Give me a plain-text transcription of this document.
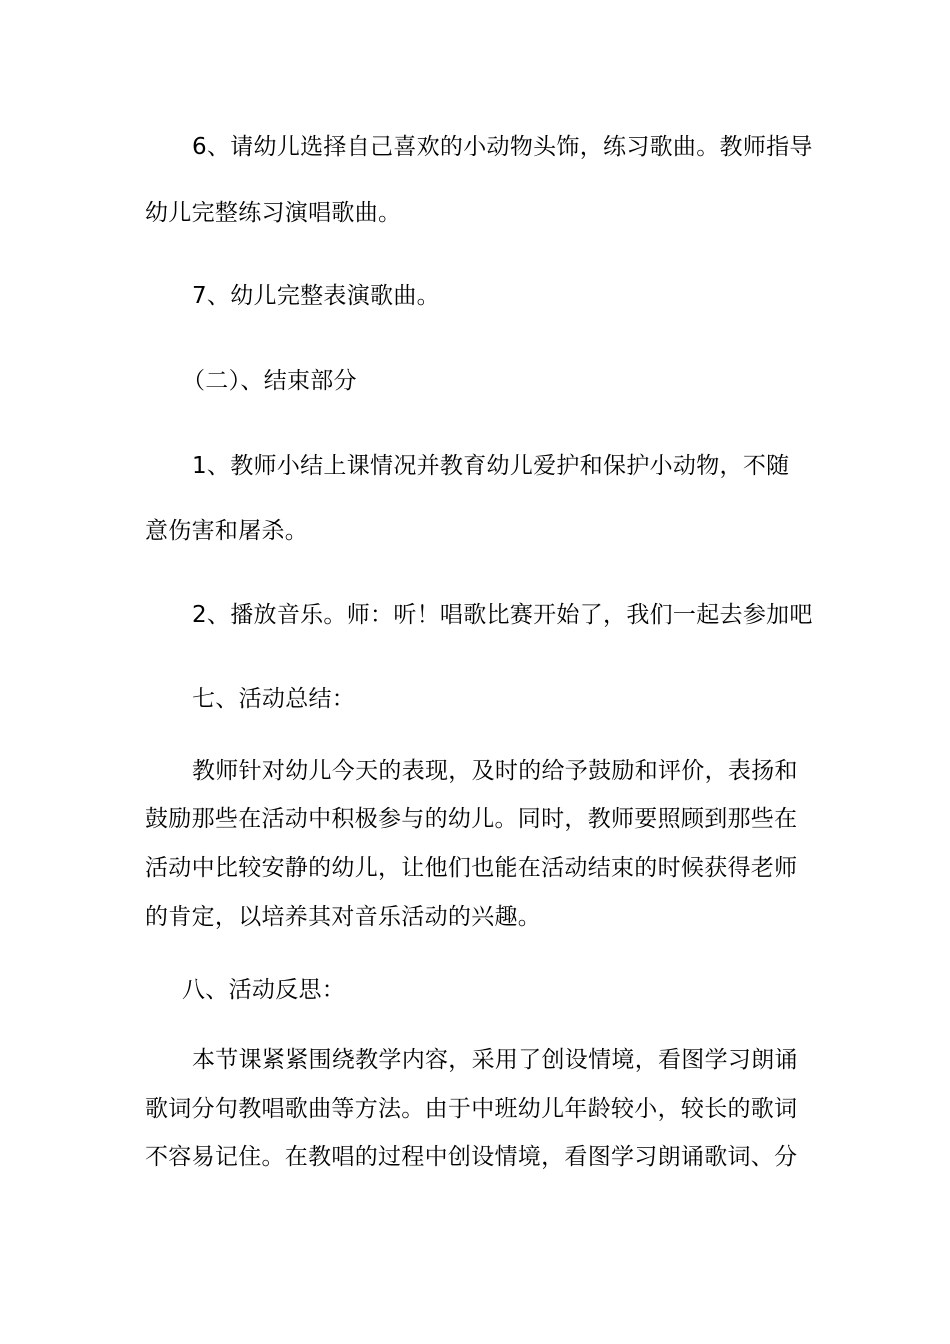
6、请幼儿选择自己喜欢的小动物头饰，练习歌曲。教师指导
幼儿完整练习演唱歌曲。
7、幼儿完整表演歌曲。
（二）、结束部分
1、教师小结上课情况并教育幼儿爱护和保护小动物，不随
意伤害和屠杀。
2、播放音乐。师：听！唱歌比赛开始了，我们一起去参加吧
七、活动总结：
教师针对幼儿今天的表现，及时的给予鼓励和评价，表扬和
鼓励那些在活动中积极参与的幼儿。同时，教师要照顾到那些在
活动中比较安静的幼儿，让他们也能在活动结束的时候获得老师
的肯定，以培养其对音乐活动的兴趣。
八、活动反思：
本节课紧紧围绕教学内容，采用了创设情境，看图学习朗诵
歌词分句教唱歌曲等方法。由于中班幼儿年龄较小，较长的歌词
不容易记住。在教唱的过程中创设情境，看图学习朗诵歌词、分
